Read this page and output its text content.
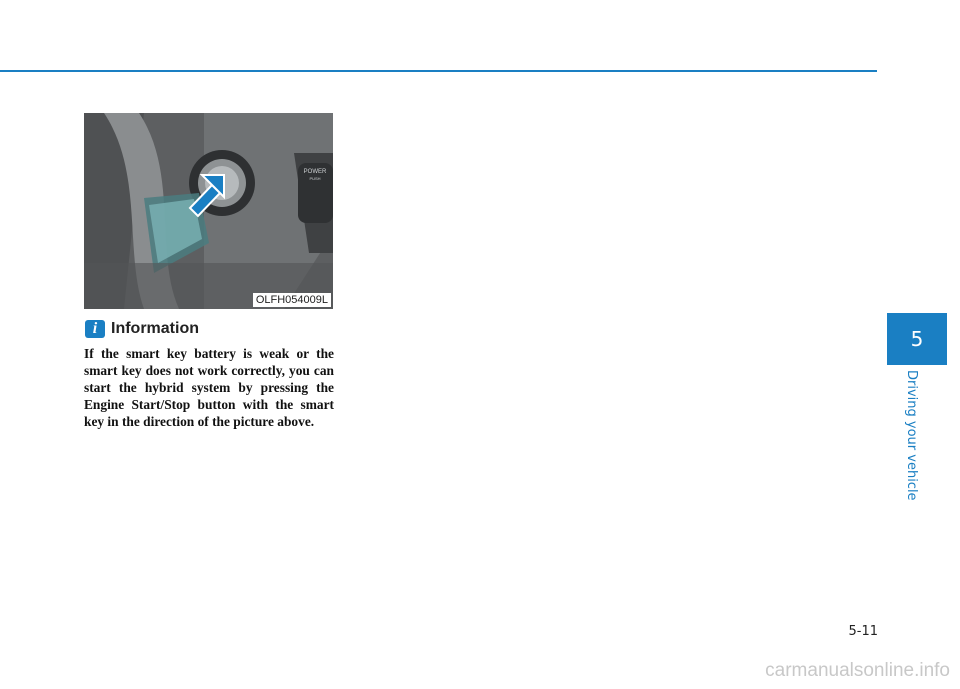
POWER
PUSH
OLFH054009L
i Information

If the smart key battery is weak or the smart key does not work correctly, you can start the hybrid system by pressing the Engine Start/Stop button with the smart key in the direction of the picture above.

5
Driving your vehicle
5-11
carmanualsonline.info
